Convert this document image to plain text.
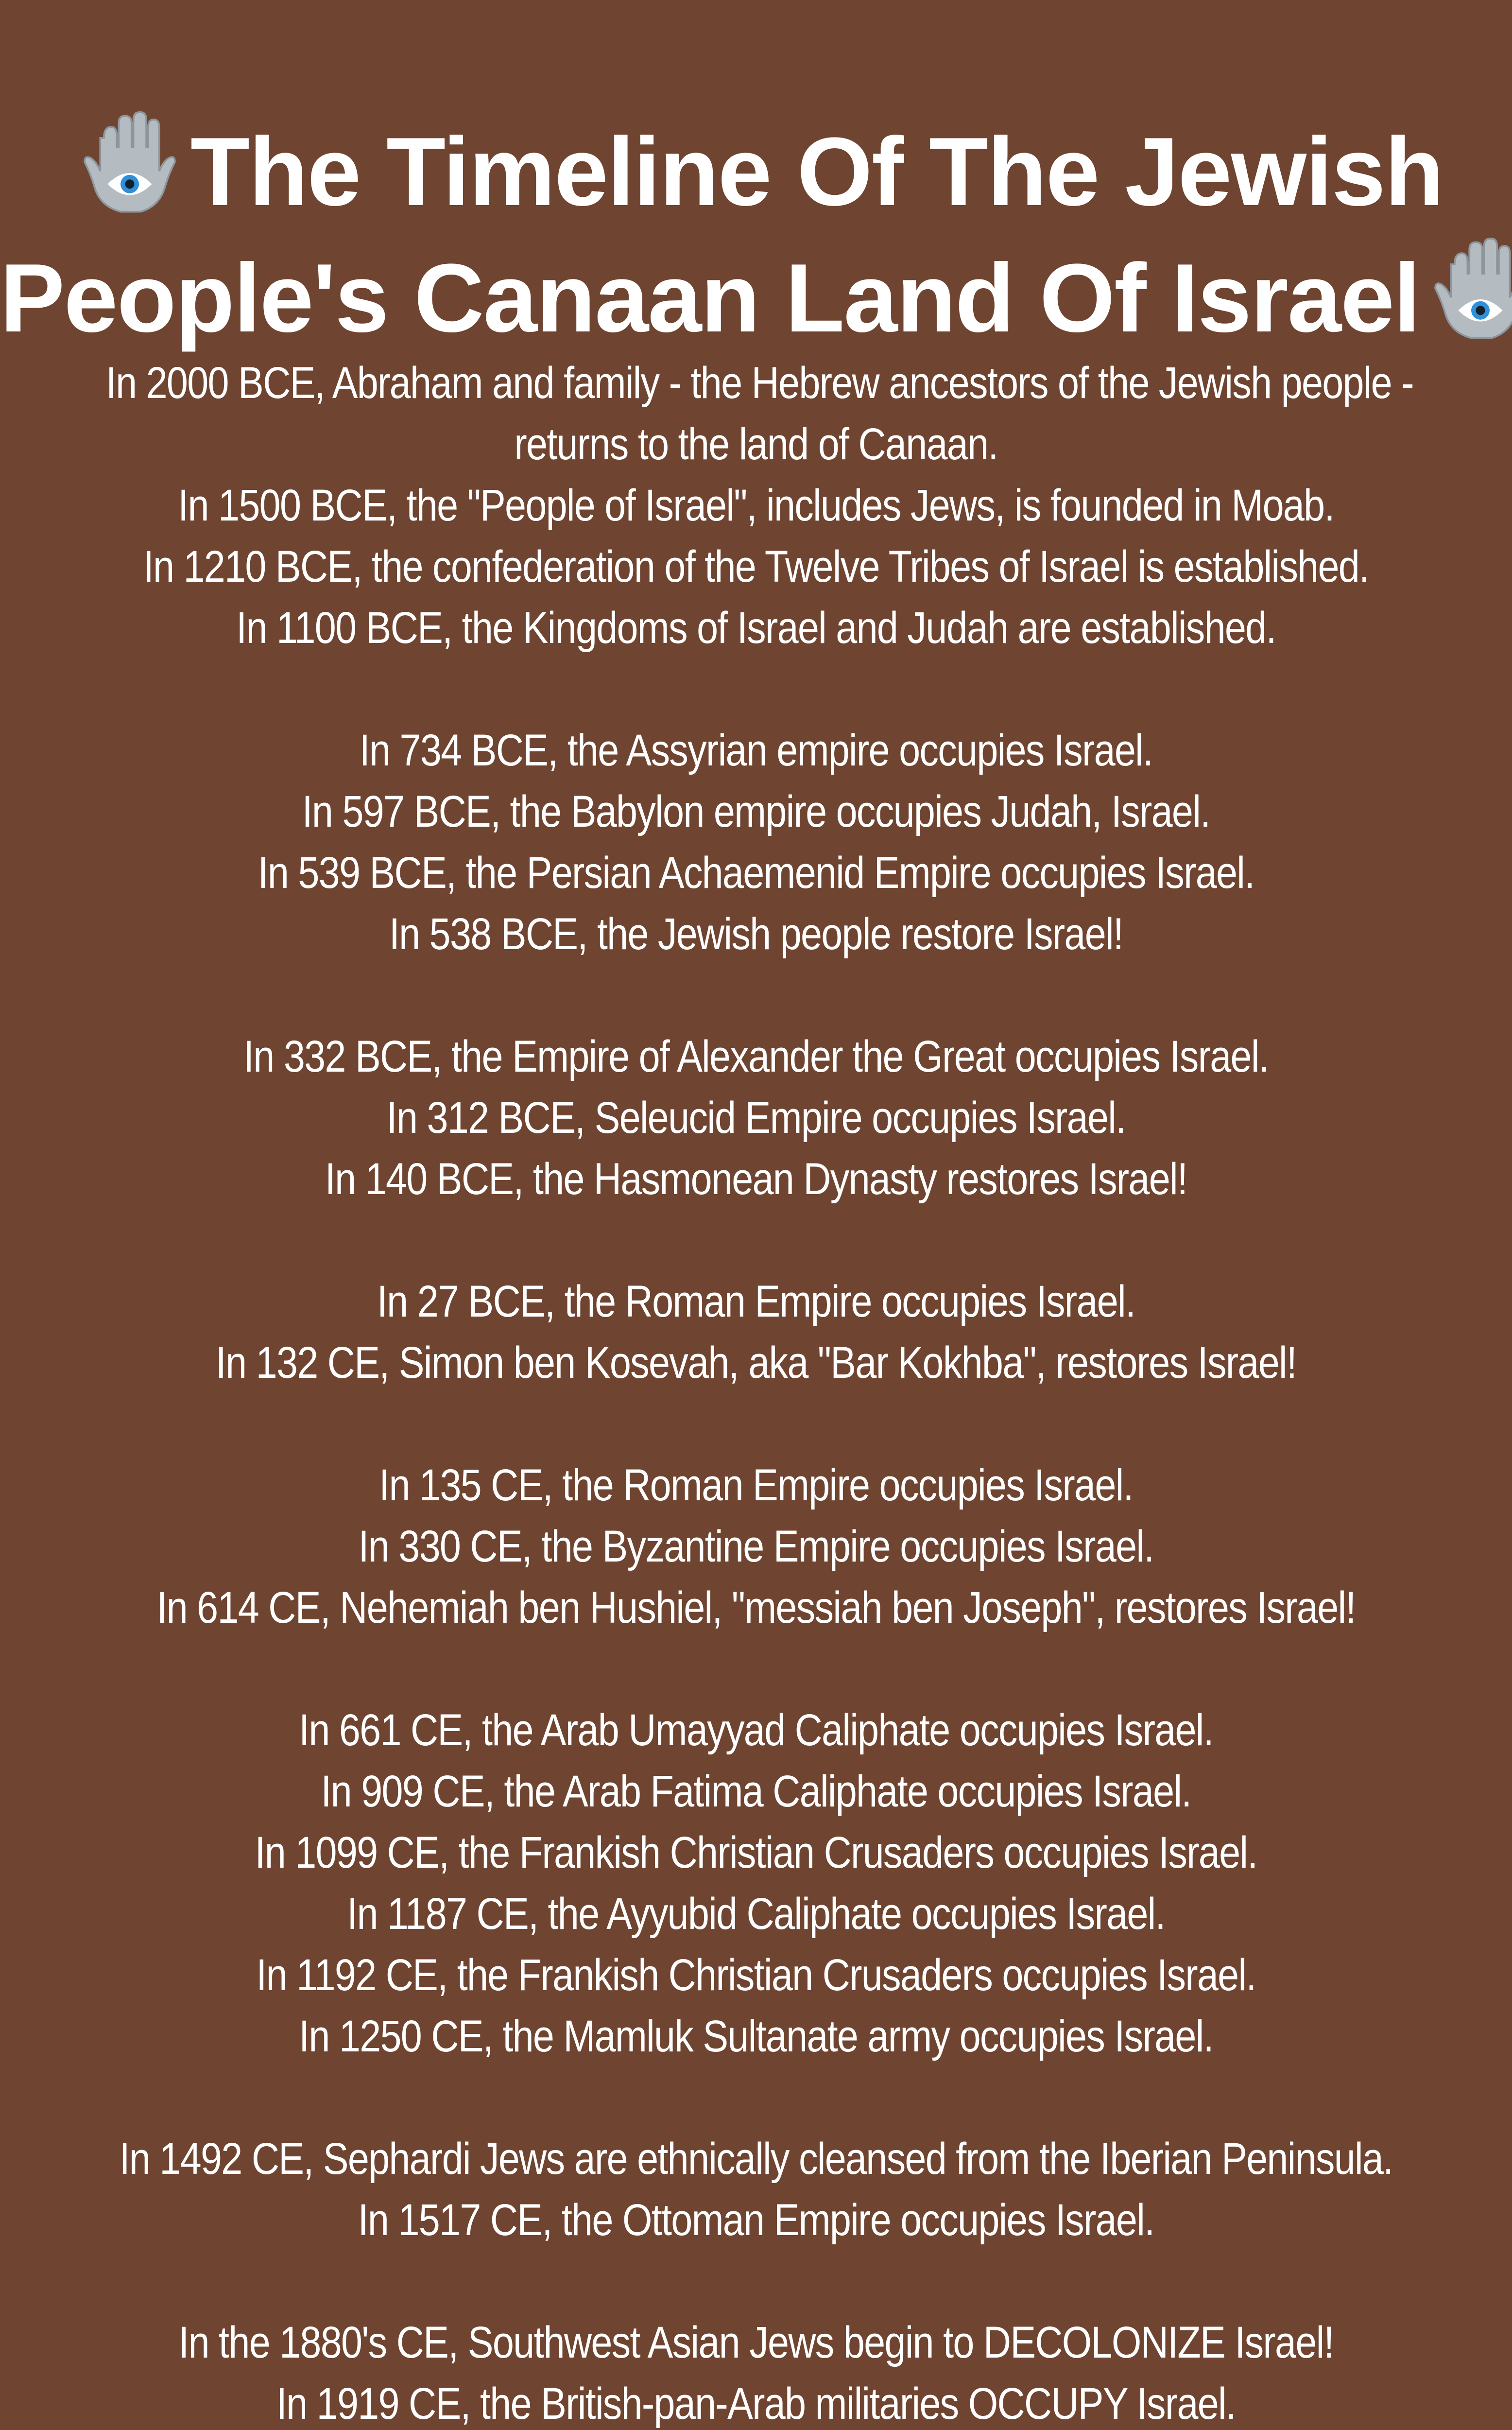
The Timeline Of The Jewish
People's Canaan Land Of Israel
In 2000 BCE, Abraham and family - the Hebrew ancestors of the Jewish people -
returns to the land of Canaan.
In 1500 BCE, the "People of Israel", includes Jews, is founded in Moab.
In 1210 BCE, the confederation of the Twelve Tribes of Israel is established.
In 1100 BCE, the Kingdoms of Israel and Judah are established.
In 734 BCE, the Assyrian empire occupies Israel.
In 597 BCE, the Babylon empire occupies Judah, Israel.
In 539 BCE, the Persian Achaemenid Empire occupies Israel.
In 538 BCE, the Jewish people restore Israel!
In 332 BCE, the Empire of Alexander the Great occupies Israel.
In 312 BCE, Seleucid Empire occupies Israel.
In 140 BCE, the Hasmonean Dynasty restores Israel!
In 27 BCE, the Roman Empire occupies Israel.
In 132 CE, Simon ben Kosevah, aka "Bar Kokhba", restores Israel!
In 135 CE, the Roman Empire occupies Israel.
In 330 CE, the Byzantine Empire occupies Israel.
In 614 CE, Nehemiah ben Hushiel, "messiah ben Joseph", restores Israel!
In 661 CE, the Arab Umayyad Caliphate occupies Israel.
In 909 CE, the Arab Fatima Caliphate occupies Israel.
In 1099 CE, the Frankish Christian Crusaders occupies Israel.
In 1187 CE, the Ayyubid Caliphate occupies Israel.
In 1192 CE, the Frankish Christian Crusaders occupies Israel.
In 1250 CE, the Mamluk Sultanate army occupies Israel.
In 1492 CE, Sephardi Jews are ethnically cleansed from the Iberian Peninsula.
In 1517 CE, the Ottoman Empire occupies Israel.
In the 1880's CE, Southwest Asian Jews begin to DECOLONIZE Israel!
In 1919 CE, the British-pan-Arab militaries OCCUPY Israel.
